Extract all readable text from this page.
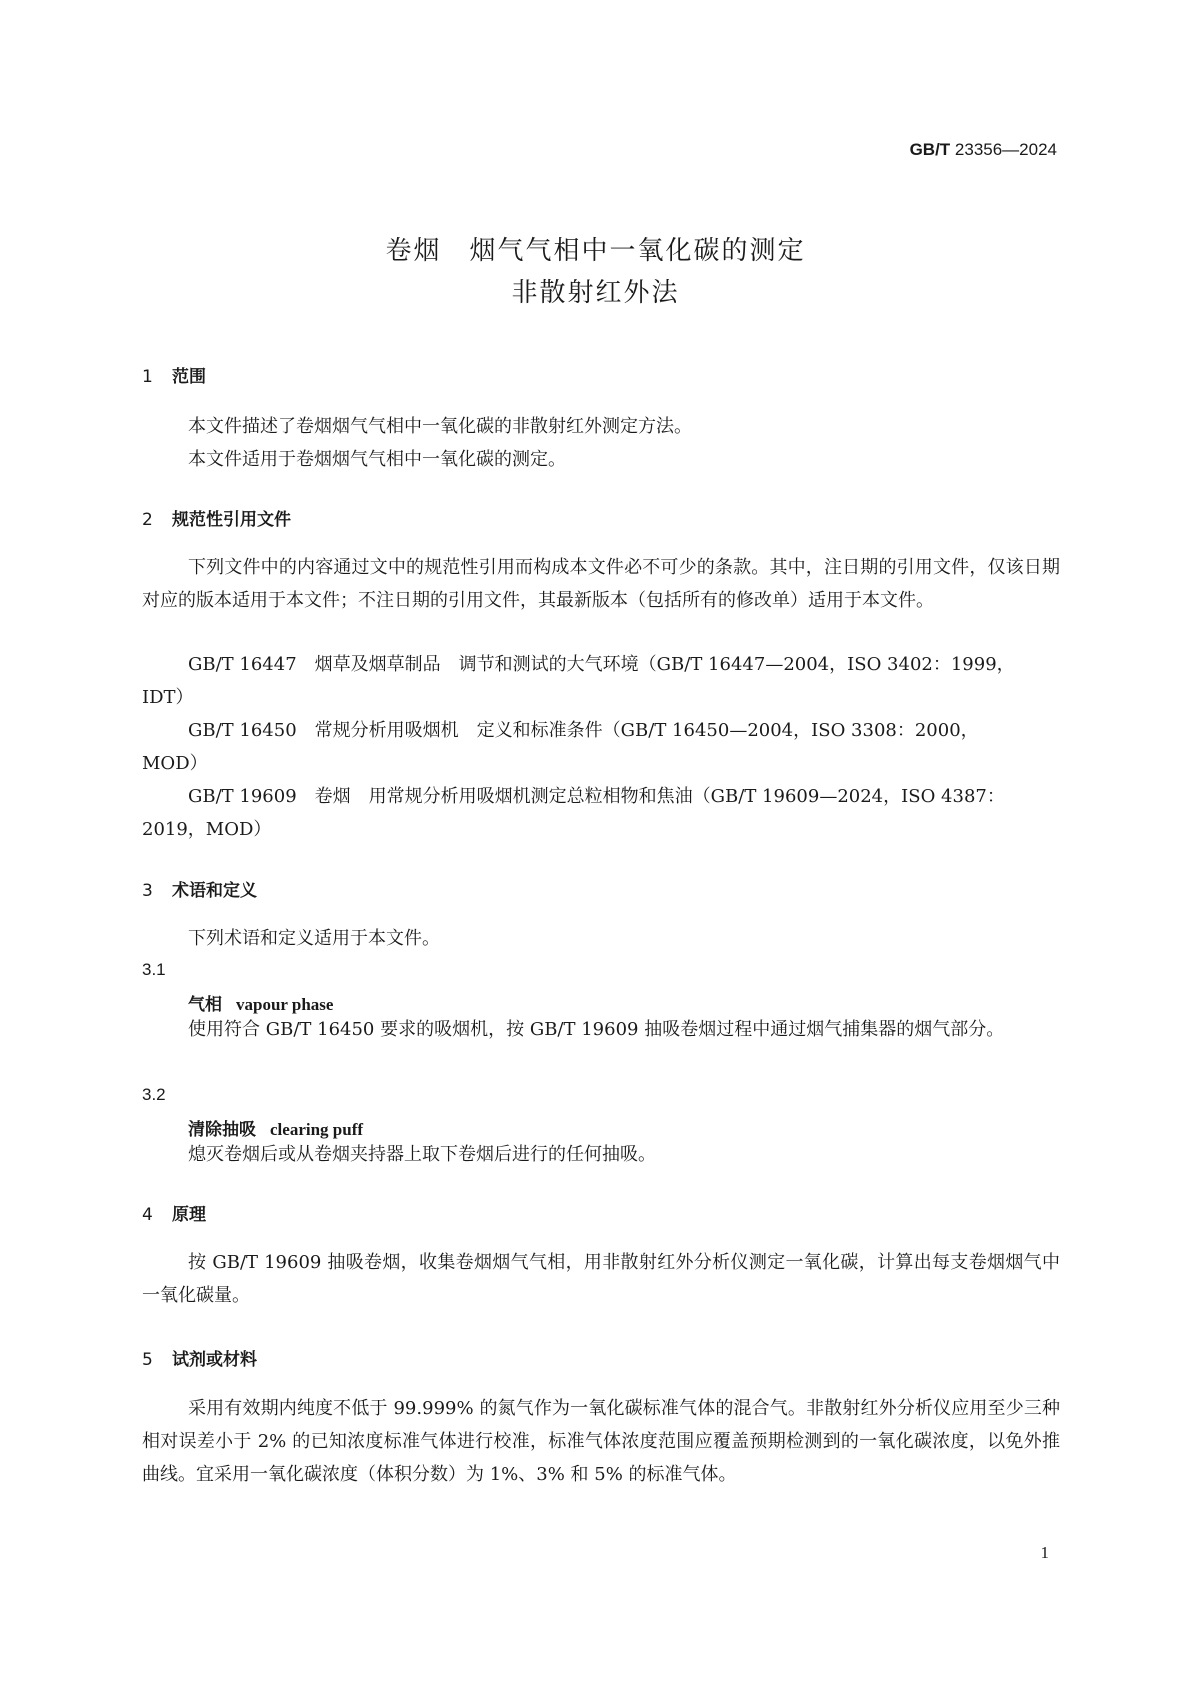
GB/T 23356—2024
卷烟　烟气气相中一氧化碳的测定
非散射红外法
1 范围
本文件描述了卷烟烟气气相中一氧化碳的非散射红外测定方法。
本文件适用于卷烟烟气气相中一氧化碳的测定。
2 规范性引用文件
下列文件中的内容通过文中的规范性引用而构成本文件必不可少的条款。其中，注日期的引用文件，仅该日期对应的版本适用于本文件；不注日期的引用文件，其最新版本（包括所有的修改单）适用于本文件。
GB/T 16447　烟草及烟草制品　调节和测试的大气环境（GB/T 16447—2004，ISO 3402：1999，
IDT）
GB/T 16450　常规分析用吸烟机　定义和标准条件（GB/T 16450—2004，ISO 3308：2000，
MOD）
GB/T 19609　卷烟　用常规分析用吸烟机测定总粒相物和焦油（GB/T 19609—2024，ISO 4387：
2019，MOD）
3 术语和定义
下列术语和定义适用于本文件。
3.1
气相 vapour phase
使用符合 GB/T 16450 要求的吸烟机，按 GB/T 19609 抽吸卷烟过程中通过烟气捕集器的烟气部分。
3.2
清除抽吸 clearing puff
熄灭卷烟后或从卷烟夹持器上取下卷烟后进行的任何抽吸。
4 原理
按 GB/T 19609 抽吸卷烟，收集卷烟烟气气相，用非散射红外分析仪测定一氧化碳，计算出每支卷烟烟气中一氧化碳量。
5 试剂或材料
采用有效期内纯度不低于 99.999% 的氮气作为一氧化碳标准气体的混合气。非散射红外分析仪应用至少三种相对误差小于 2% 的已知浓度标准气体进行校准，标准气体浓度范围应覆盖预期检测到的一氧化碳浓度，以免外推曲线。宜采用一氧化碳浓度（体积分数）为 1%、3% 和 5% 的标准气体。
1
